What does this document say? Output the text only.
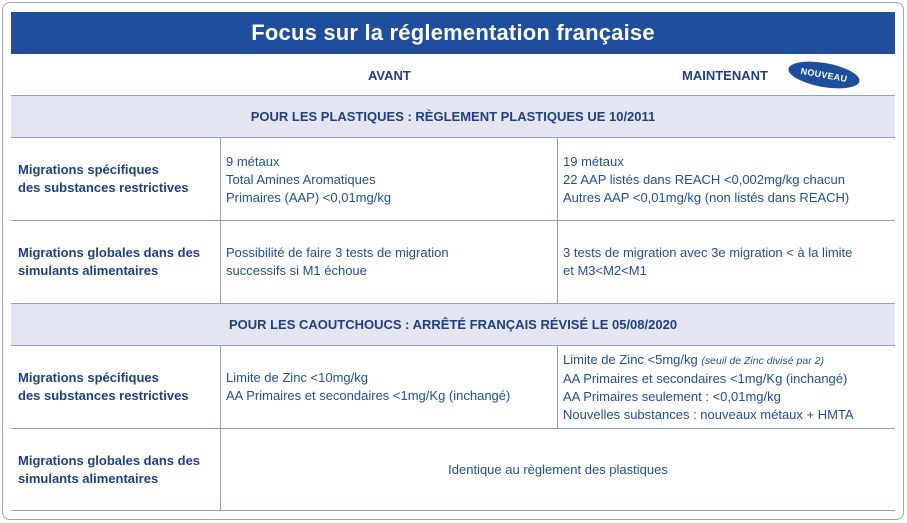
Focus sur la réglementation française
AVANT	MAINTENANT	NOUVEAU
POUR LES PLASTIQUES : RÈGLEMENT PLASTIQUES UE 10/2011
Migrations spécifiques
des substances restrictives
9 métaux
Total Amines Aromatiques
Primaires (AAP) <0,01mg/kg
19 métaux
22 AAP listés dans REACH <0,002mg/kg chacun
Autres AAP <0,01mg/kg (non listés dans REACH)
Migrations globales dans des
simulants alimentaires
Possibilité de faire 3 tests de migration
successifs si M1 échoue
3 tests de migration avec 3e migration < à la limite
et M3<M2<M1
POUR LES CAOUTCHOUCS : ARRÊTÉ FRANÇAIS RÉVISÉ LE 05/08/2020
Migrations spécifiques
des substances restrictives
Limite de Zinc <10mg/kg
AA Primaires et secondaires <1mg/Kg (inchangé)
Limite de Zinc <5mg/kg (seuil de Zinc divisé par 2)
AA Primaires et secondaires <1mg/Kg (inchangé)
AA Primaires seulement : <0,01mg/kg
Nouvelles substances : nouveaux métaux + HMTA
Migrations globales dans des
simulants alimentaires
Identique au règlement des plastiques
